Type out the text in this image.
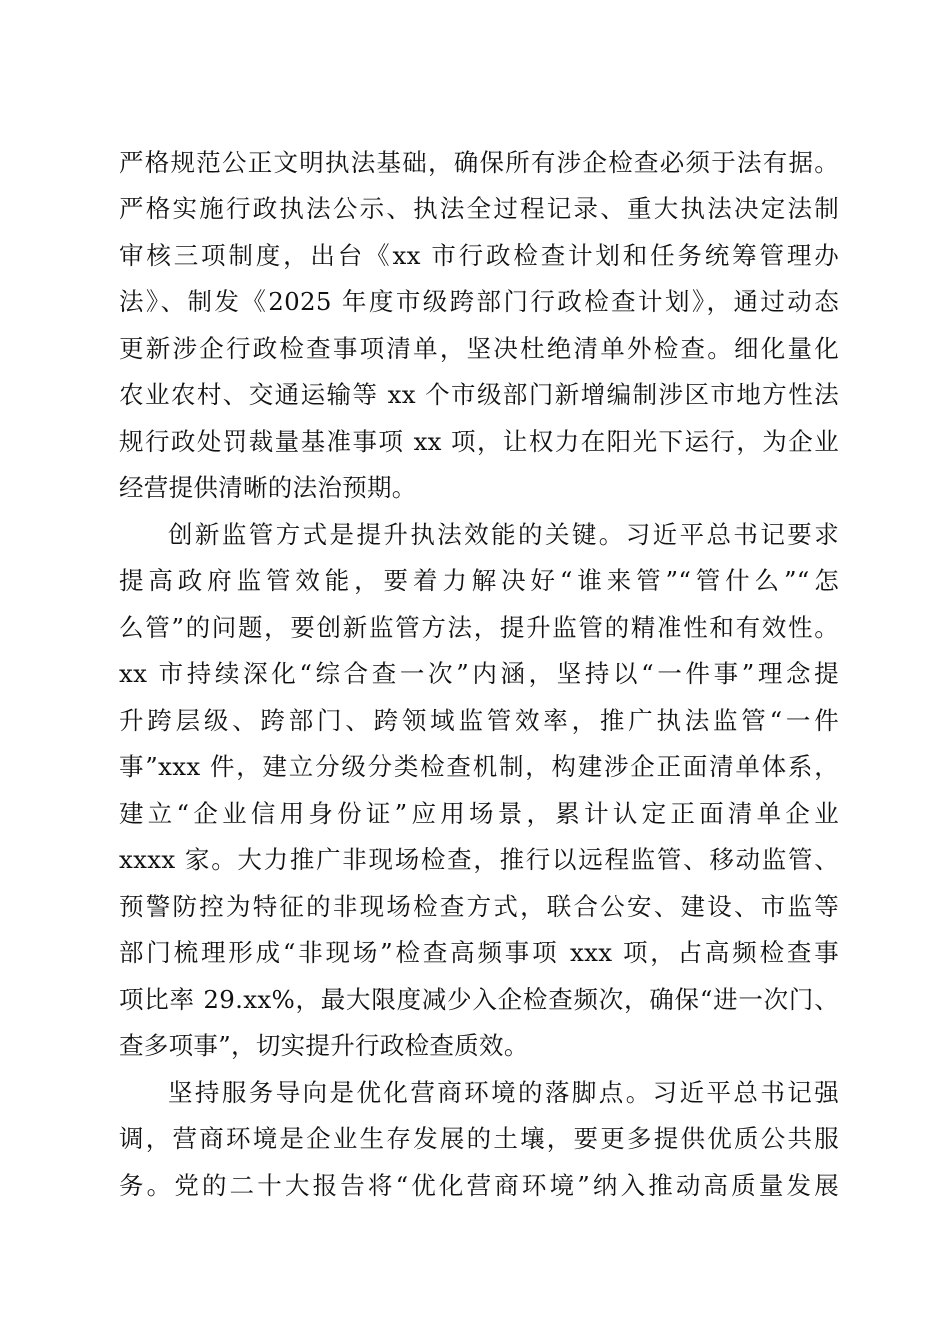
严格规范公正文明执法基础，确保所有涉企检查必须于法有据。
严格实施行政执法公示、执法全过程记录、重大执法决定法制
审核三项制度，出台《xx 市行政检查计划和任务统筹管理办
法》、制发《2025 年度市级跨部门行政检查计划》，通过动态
更新涉企行政检查事项清单，坚决杜绝清单外检查。细化量化
农业农村、交通运输等 xx 个市级部门新增编制涉区市地方性法
规行政处罚裁量基准事项 xx 项，让权力在阳光下运行，为企业
经营提供清晰的法治预期。
创新监管方式是提升执法效能的关键。习近平总书记要求
提高政府监管效能，要着力解决好“谁来管”“管什么”“怎
么管”的问题，要创新监管方法，提升监管的精准性和有效性。
xx 市持续深化“综合查一次”内涵，坚持以“一件事”理念提
升跨层级、跨部门、跨领域监管效率，推广执法监管“一件
事”xxx 件，建立分级分类检查机制，构建涉企正面清单体系，
建立“企业信用身份证”应用场景，累计认定正面清单企业
xxxx 家。大力推广非现场检查，推行以远程监管、移动监管、
预警防控为特征的非现场检查方式，联合公安、建设、市监等
部门梳理形成“非现场”检查高频事项 xxx 项，占高频检查事
项比率 29.xx%，最大限度减少入企检查频次，确保“进一次门、
查多项事”，切实提升行政检查质效。
坚持服务导向是优化营商环境的落脚点。习近平总书记强
调，营商环境是企业生存发展的土壤，要更多提供优质公共服
务。党的二十大报告将“优化营商环境”纳入推动高质量发展
